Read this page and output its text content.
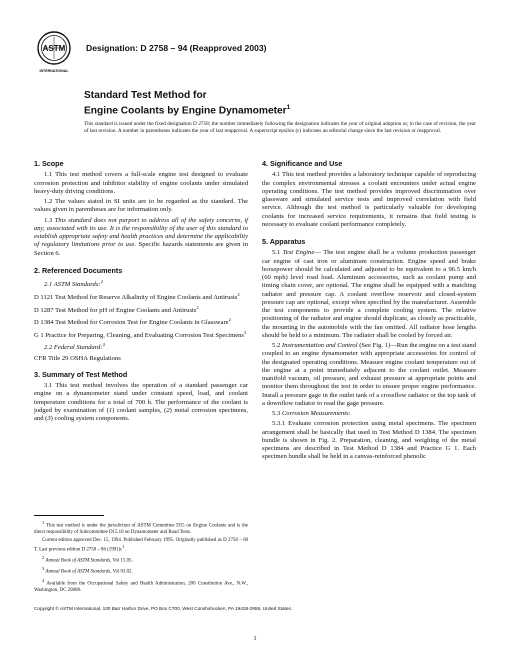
ASTM
INTERNATIONAL
Designation: D 2758 – 94 (Reapproved 2003)
Standard Test Method for
Engine Coolants by Engine Dynamometer$^1$
This standard is issued under the fixed designation D 2758; the number immediately following the designation indicates the year of original adoption or, in the case of revision, the year of last revision. A number in parentheses indicates the year of last reapproval. A superscript epsilon (ε) indicates an editorial change since the last revision or reapproval.
1. Scope

1.1 This test method covers a full-scale engine test designed to evaluate corrosion protection and inhibitor stability of engine coolants under simulated heavy-duty driving conditions.

1.2 The values stated in SI units are to be regarded as the standard. The values given in parentheses are for information only.

1.3 This standard does not purport to address all of the safety concerns, if any, associated with its use. It is the responsibility of the user of this standard to establish appropriate safety and health practices and determine the applicability of regulatory limitations prior to use. Specific hazards statements are given in Section 6.

2. Referenced Documents

2.1 ASTM Standards:$^2$

D 1121 Test Method for Reserve Alkalinity of Engine Coolants and Antirusts$^2$
D 1287 Test Method for pH of Engine Coolants and Antirusts$^2$
D 1384 Test Method for Corrosion Test for Engine Coolants in Glassware$^2$
G 1 Practice for Preparing, Cleaning, and Evaluating Corrosion Test Specimens$^3$

2.2 Federal Standard:$^4$

CFR Title 29 OSHA Regulations
3. Summary of Test Method

3.1 This test method involves the operation of a standard passenger car engine on a dynamometer stand under constant speed, load, and coolant temperature conditions for a total of 700 h. The performance of the coolant is judged by examination of (1) coolant samples, (2) metal corrosion specimens, and (3) cooling system components.

4. Significance and Use

4.1 This test method provides a laboratory technique capable of reproducing the complex environmental stresses a coolant encounters under actual engine operating conditions. The test method provides improved discrimination over glassware and simulated service tests and improved correlation with field service. Although the test method is particularly valuable for developing coolants for increased service requirements, it remains that field testing is necessary to evaluate coolant performance completely.

5. Apparatus

5.1 Test Engine— The test engine shall be a volume production passenger car engine of cast iron or aluminum construction. Engine speed and brake horsepower should be calculated and adjusted to be equivalent to a 96.5 km/h (60 mph) level road load. Aluminum accessories, such as coolant pump and timing chain cover, are optional. The engine shall be equipped with a matching radiator and pressure cap. A coolant overflow reservoir and closed-system pressure cap are optional, except when specified by the manufacturer. Assemble the test components to provide a complete cooling system. The relative positioning of the radiator and engine should duplicate, as closely as practicable, the mounting in the automobile with the fan omitted. All radiator hose lengths should be held to a minimum. The radiator shall be cooled by forced air.

5.2 Instrumentation and Control (See Fig. 1)—Run the engine on a test stand coupled to an engine dynamometer with appropriate accessories for control of the designated operating conditions. Measure engine coolant temperature out of the engine at a point immediately adjacent to the coolant outlet. Measure manifold vacuum, oil pressure, and exhaust pressure at appropriate points and monitor them throughout the test in order to ensure proper engine performance. Install a pressure gage in the outlet tank of a crossflow radiator or the top tank of a downflow radiator to read the gage pressure.

5.3 Corrosion Measurements:

5.3.1 Evaluate corrosion protection using metal specimens. The specimen arrangement shall be basically that used in Test Method D 1384. The specimen bundle is shown in Fig. 2. Preparation, cleaning, and weighing of the metal specimens are described in Test Method D 1384 and Practice G 1. Each specimen bundle shall be held in a canvas-reinforced phenolic

$^1$ This test method is under the jurisdiction of ASTM Committee D15 on Engine Coolants and is the direct responsibility of Subcommittee D15.10 on Dynamometer and Road Tests.
Current edition approved Dec. 15, 1994. Published February 1995. Originally published as D 2758 – 68 T. Last previous edition D 2758 – 86 $(1991)\varepsilon^1$.
$^2$ Annual Book of ASTM Standards, Vol 15.05.
$^3$ Annual Book of ASTM Standards, Vol 03.02.
$^4$ Available from the Occupational Safety and Health Administration, 200 Constitution Ave., N.W., Washington, DC 20008.
Copyright © ASTM International, 100 Barr Harbor Drive, PO Box C700, West Conshohocken, PA 19428-2959, United States.
1
